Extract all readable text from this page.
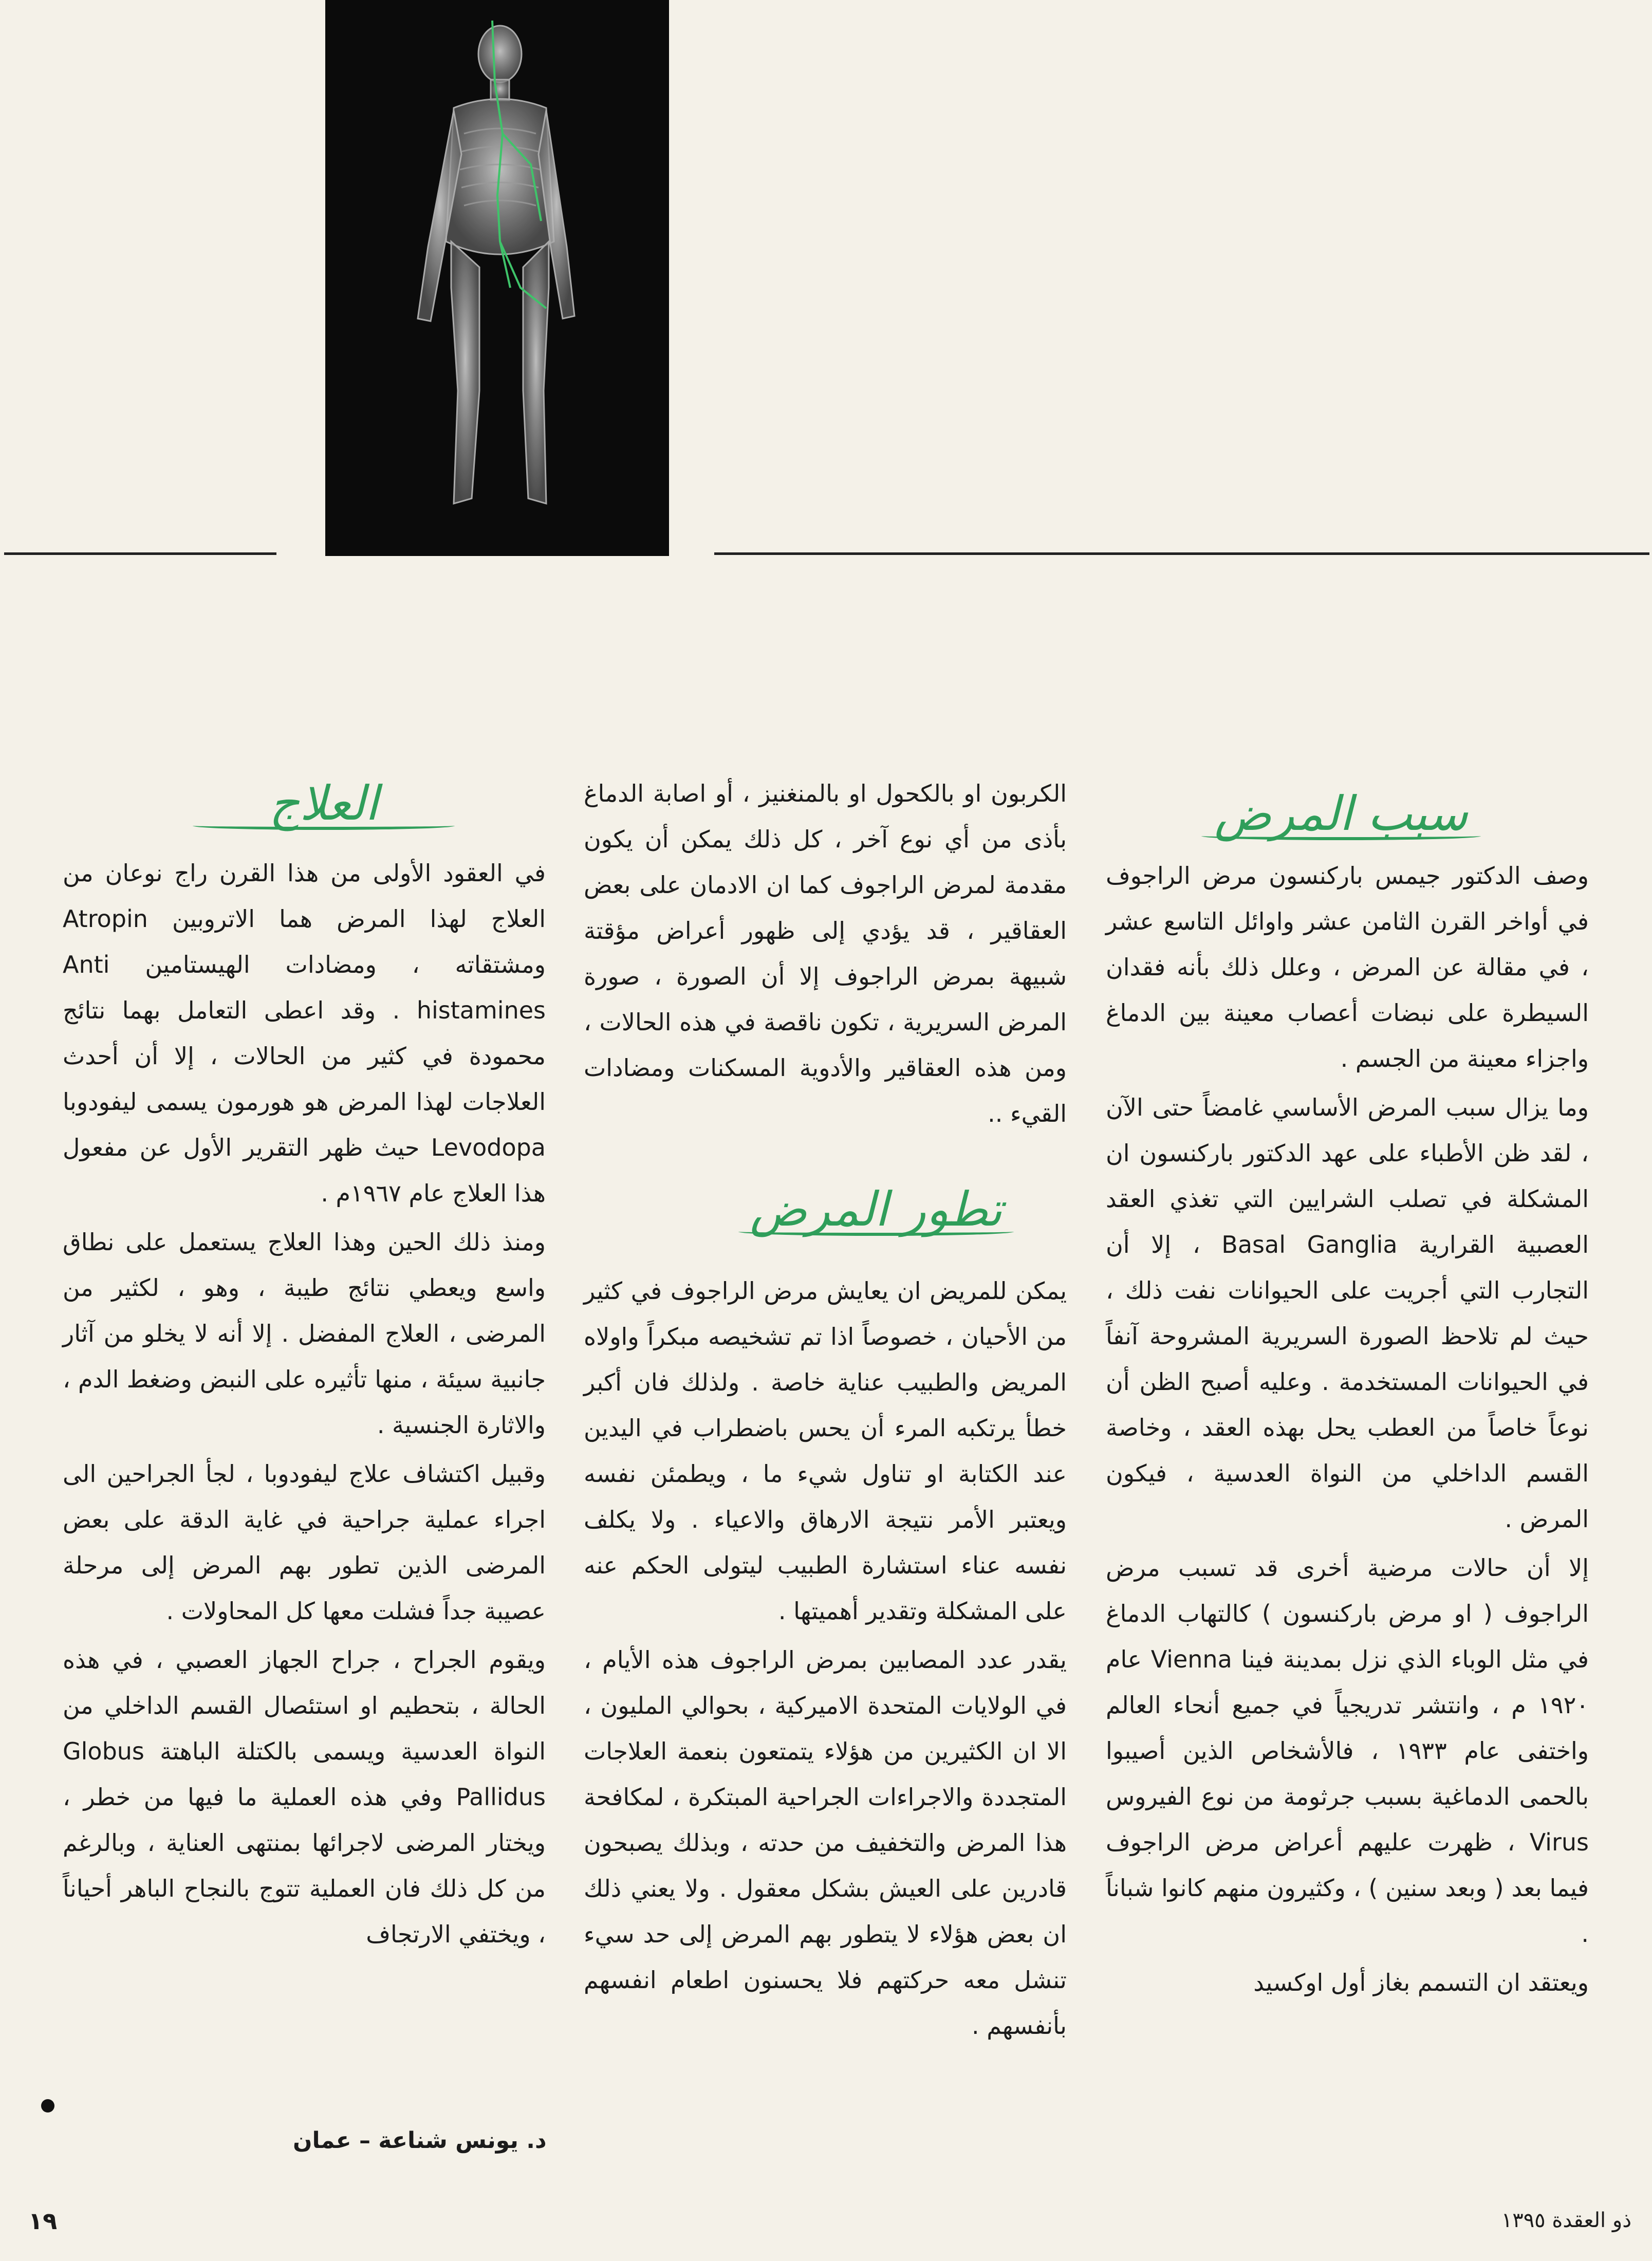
سبب المرض

وصف الدكتور جيمس باركنسون مرض الراجوف في أواخر القرن الثامن عشر واوائل التاسع عشر ، في مقالة عن المرض ، وعلل ذلك بأنه فقدان السيطرة على نبضات أعصاب معينة بين الدماغ واجزاء معينة من الجسم .

وما يزال سبب المرض الأساسي غامضاً حتى الآن ، لقد ظن الأطباء على عهد الدكتور باركنسون ان المشكلة في تصلب الشرايين التي تغذي العقد العصبية القرارية Basal Ganglia ، إلا أن التجارب التي أجريت على الحيوانات نفت ذلك ، حيث لم تلاحظ الصورة السريرية المشروحة آنفاً في الحيوانات المستخدمة . وعليه أصبح الظن أن نوعاً خاصاً من العطب يحل بهذه العقد ، وخاصة القسم الداخلي من النواة العدسية ، فيكون المرض .

إلا أن حالات مرضية أخرى قد تسبب مرض الراجوف ( او مرض باركنسون ) كالتهاب الدماغ في مثل الوباء الذي نزل بمدينة فينا Vienna عام ١٩٢٠ م ، وانتشر تدريجياً في جميع أنحاء العالم واختفى عام ١٩٣٣ ، فالأشخاص الذين أصيبوا بالحمى الدماغية بسبب جرثومة من نوع الفيروس Virus ، ظهرت عليهم أعراض مرض الراجوف فيما بعد ( وبعد سنين ) ، وكثيرون منهم كانوا شباناً .

ويعتقد ان التسمم بغاز أول اوكسيد

الكربون او بالكحول او بالمنغنيز ، أو اصابة الدماغ بأذى من أي نوع آخر ، كل ذلك يمكن أن يكون مقدمة لمرض الراجوف كما ان الادمان على بعض العقاقير ، قد يؤدي إلى ظهور أعراض مؤقتة شبيهة بمرض الراجوف إلا أن الصورة ، صورة المرض السريرية ، تكون ناقصة في هذه الحالات ، ومن هذه العقاقير والأدوية المسكنات ومضادات القيء ..

يمكن للمريض ان يعايش مرض الراجوف في كثير من الأحيان ، خصوصاً اذا تم تشخيصه مبكراً واولاه المريض والطبيب عناية خاصة . ولذلك فان أكبر خطأ يرتكبه المرء أن يحس باضطراب في اليدين عند الكتابة او تناول شيء ما ، ويطمئن نفسه ويعتبر الأمر نتيجة الارهاق والاعياء . ولا يكلف نفسه عناء استشارة الطبيب ليتولى الحكم عنه على المشكلة وتقدير أهميتها .

يقدر عدد المصابين بمرض الراجوف هذه الأيام ، في الولايات المتحدة الاميركية ، بحوالي المليون ، الا ان الكثيرين من هؤلاء يتمتعون بنعمة العلاجات المتجددة والاجراءات الجراحية المبتكرة ، لمكافحة هذا المرض والتخفيف من حدته ، وبذلك يصبحون قادرين على العيش بشكل معقول . ولا يعني ذلك ان بعض هؤلاء لا يتطور بهم المرض إلى حد سيء تنشل معه حركتهم فلا يحسنون اطعام انفسهم بأنفسهم .

تطور المرض
العلاج

في العقود الأولى من هذا القرن راج نوعان من العلاج لهذا المرض هما الاتروبين Atropin ومشتقاته ، ومضادات الهيستامين Anti histamines . وقد اعطى التعامل بهما نتائج محمودة في كثير من الحالات ، إلا أن أحدث العلاجات لهذا المرض هو هورمون يسمى ليفودوبا Levodopa حيث ظهر التقرير الأول عن مفعول هذا العلاج عام ١٩٦٧م .

ومنذ ذلك الحين وهذا العلاج يستعمل على نطاق واسع ويعطي نتائج طيبة ، وهو ، لكثير من المرضى ، العلاج المفضل . إلا أنه لا يخلو من آثار جانبية سيئة ، منها تأثيره على النبض وضغط الدم ، والاثارة الجنسية .

وقبيل اكتشاف علاج ليفودوبا ، لجأ الجراحين الى اجراء عملية جراحية في غاية الدقة على بعض المرضى الذين تطور بهم المرض إلى مرحلة عصيبة جداً فشلت معها كل المحاولات .

ويقوم الجراح ، جراح الجهاز العصبي ، في هذه الحالة ، بتحطيم او استئصال القسم الداخلي من النواة العدسية ويسمى بالكتلة الباهتة Globus Pallidus وفي هذه العملية ما فيها من خطر ، ويختار المرضى لاجرائها بمنتهى العناية ، وبالرغم من كل ذلك فان العملية تتوج بالنجاح الباهر أحياناً ، ويختفي الارتجاف

د. يونس شناعة – عمان
١٩	ذو العقدة ١٣٩٥
